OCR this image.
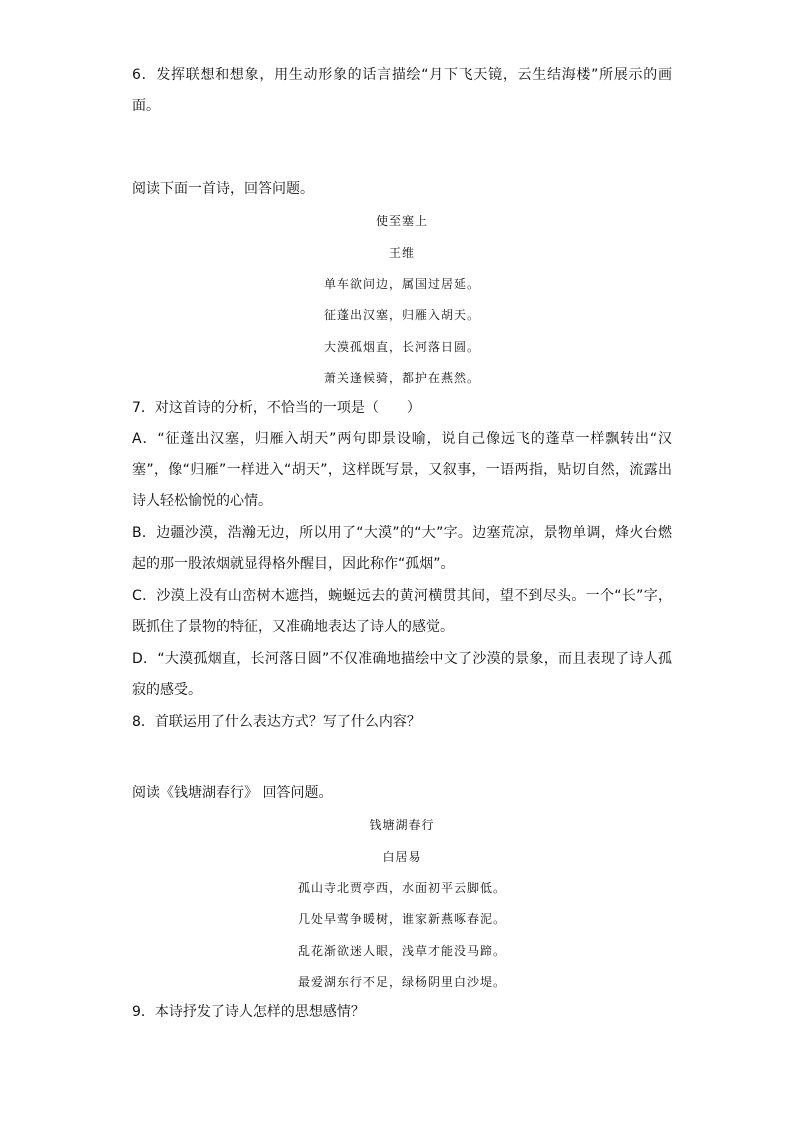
6．发挥联想和想象，用生动形象的话言描绘“月下飞天镜，云生结海楼”所展示的画面。

阅读下面一首诗，回答问题。

使至塞上

王维

单车欲问边，属国过居延。

征蓬出汉塞，归雁入胡天。

大漠孤烟直，长河落日圆。

萧关逢候骑，都护在燕然。

7．对这首诗的分析，不恰当的一项是（　　）

A．“征蓬出汉塞，归雁入胡天”两句即景设喻，说自己像远飞的蓬草一样飘转出“汉塞”，像“归雁”一样进入“胡天”，这样既写景，又叙事，一语两指，贴切自然，流露出诗人轻松愉悦的心情。

B．边疆沙漠，浩瀚无边，所以用了“大漠”的“大”字。边塞荒凉，景物单调，烽火台燃起的那一股浓烟就显得格外醒目，因此称作“孤烟”。

C．沙漠上没有山峦树木遮挡，蜿蜒远去的黄河横贯其间，望不到尽头。一个“长”字，既抓住了景物的特征，又准确地表达了诗人的感觉。

D．“大漠孤烟直，长河落日圆”不仅准确地描绘中文了沙漠的景象，而且表现了诗人孤寂的感受。

8．首联运用了什么表达方式？写了什么内容？

阅读《钱塘湖春行》 回答问题。

钱塘湖春行

白居易

孤山寺北贾亭西，水面初平云脚低。

几处早莺争暖树，谁家新燕啄春泥。

乱花渐欲迷人眼，浅草才能没马蹄。

最爱湖东行不足，绿杨阴里白沙堤。

9．本诗抒发了诗人怎样的思想感情？
